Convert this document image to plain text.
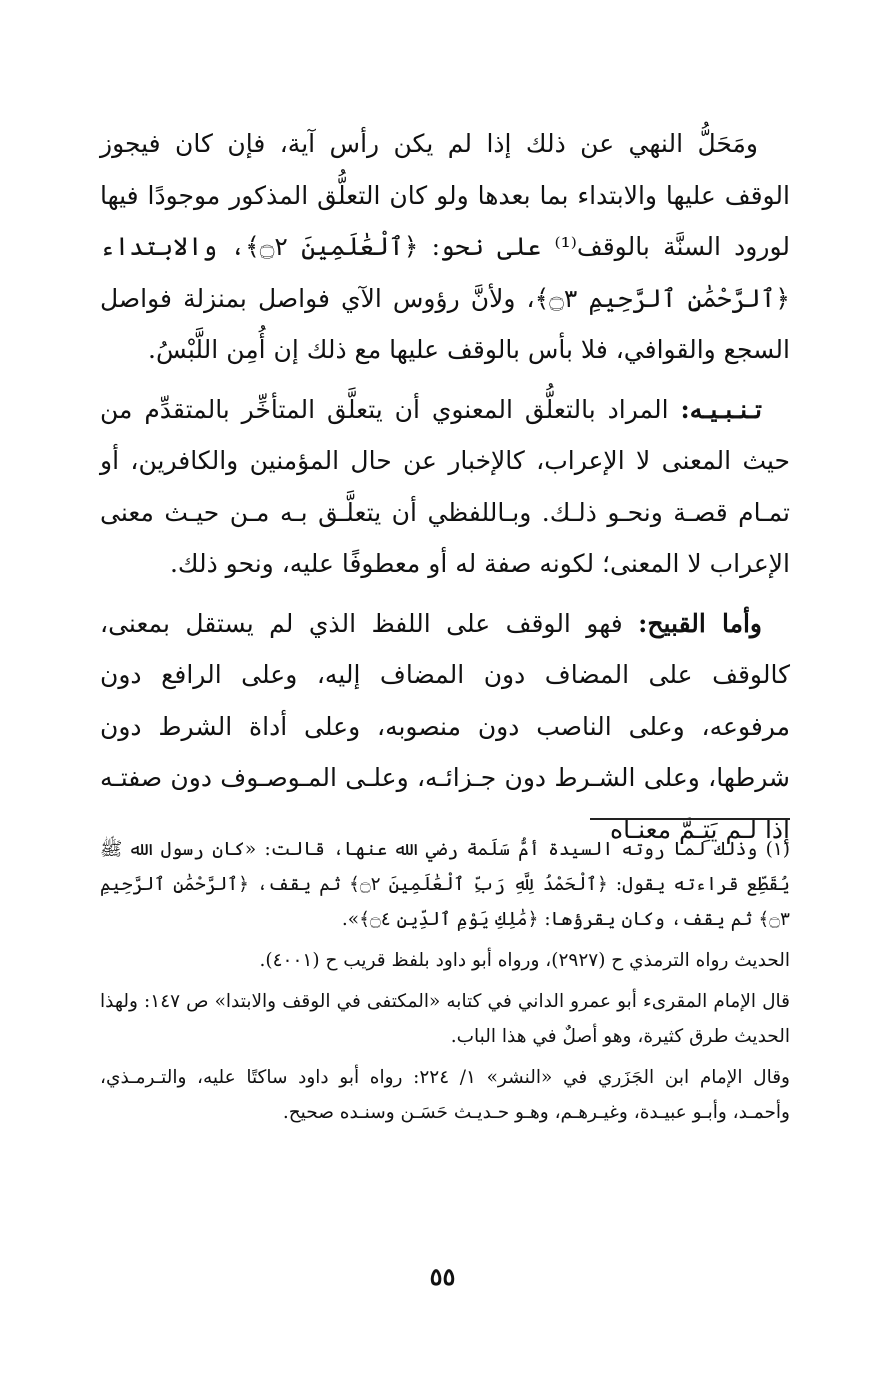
ومَحَلُّ النهي عن ذلك إذا لم يكن رأس آية، فإن كان فيجوز الوقف عليها والابتداء بما بعدها ولو كان التعلُّق المذكور موجودًا فيها لورود السنَّة بالوقف⁽¹⁾ على نحو: ﴿ٱلْعَٰلَمِينَ ۝٢﴾، والابتداء ﴿ٱلرَّحْمَٰنِ ٱلرَّحِيمِ ۝٣﴾، ولأنَّ رؤوس الآي فواصل بمنزلة فواصل السجع والقوافي، فلا بأس بالوقف عليها مع ذلك إن أُمِن اللَّبْسُ.

تـنـبـيـه: المراد بالتعلُّق المعنوي أن يتعلَّق المتأخِّر بالمتقدِّم من حيث المعنى لا الإعراب، كالإخبار عن حال المؤمنين والكافرين، أو تمـام قصـة ونحـو ذلـك. وبـاللفظي أن يتعلَّـق بـه مـن حيـث معنى الإعراب لا المعنى؛ لكونه صفة له أو معطوفًا عليه، ونحو ذلك.

وأما القبيح: فهو الوقف على اللفظ الذي لم يستقل بمعنى، كالوقف على المضاف دون المضاف إليه، وعلى الرافع دون مرفوعه، وعلى الناصب دون منصوبه، وعلى أداة الشرط دون شرطها، وعلى الشـرط دون جـزائـه، وعلـى المـوصـوف دون صفتـه إذا لـم يَتِـمَّ معنـاه

(١) وذلك لما روته السيدة أمُّ سَلَمة رضي الله عنها، قالت: «كان رسول الله ﷺ يُقَطِّع قراءته يقول: ﴿ٱلْحَمْدُ لِلَّهِ رَبِّ ٱلْعَٰلَمِينَ ۝٢﴾ ثم يقف، ﴿ٱلرَّحْمَٰنِ ٱلرَّحِيمِ ۝٣﴾ ثم يقف، وكان يقرؤها: ﴿مَٰلِكِ يَوْمِ ٱلدِّينِ ۝٤﴾».

الحديث رواه الترمذي ح (٢٩٢٧)، ورواه أبو داود بلفظ قريب ح (٤٠٠١).

قال الإمام المقرىء أبو عمرو الداني في كتابه «المكتفى في الوقف والابتدا» ص ١٤٧: ولهذا الحديث طرق كثيرة، وهو أصلٌ في هذا الباب.

وقال الإمام ابن الجَزَري في «النشر» ١/ ٢٢٤: رواه أبو داود ساكتًا عليه، والتـرمـذي، وأحمـد، وأبـو عبيـدة، وغيـرهـم، وهـو حـديـث حَسَـن وسنـده صحيح.

٥٥
